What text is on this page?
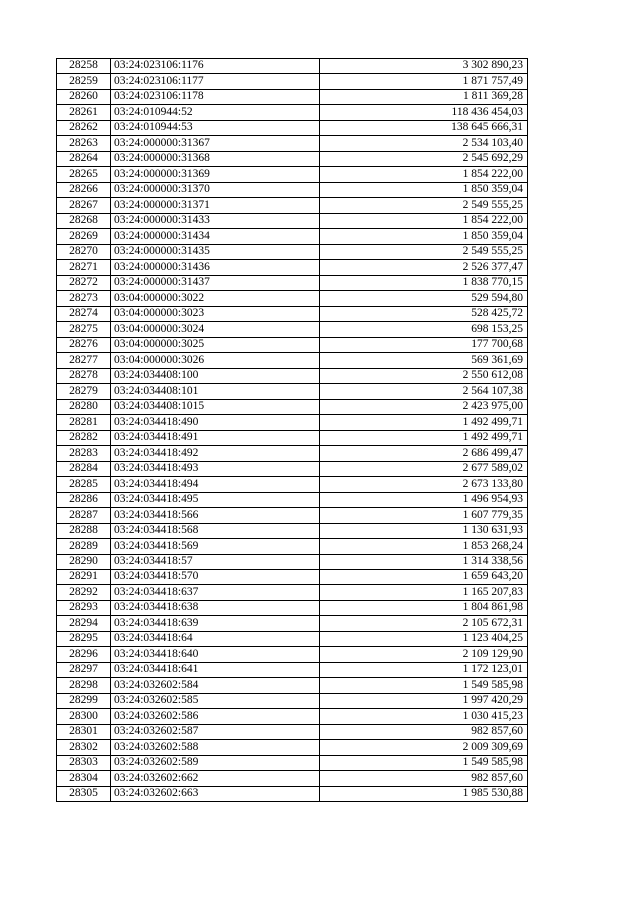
28258	03:24:023106:1176	3 302 890,23
28259	03:24:023106:1177	1 871 757,49
28260	03:24:023106:1178	1 811 369,28
28261	03:24:010944:52	118 436 454,03
28262	03:24:010944:53	138 645 666,31
28263	03:24:000000:31367	2 534 103,40
28264	03:24:000000:31368	2 545 692,29
28265	03:24:000000:31369	1 854 222,00
28266	03:24:000000:31370	1 850 359,04
28267	03:24:000000:31371	2 549 555,25
28268	03:24:000000:31433	1 854 222,00
28269	03:24:000000:31434	1 850 359,04
28270	03:24:000000:31435	2 549 555,25
28271	03:24:000000:31436	2 526 377,47
28272	03:24:000000:31437	1 838 770,15
28273	03:04:000000:3022	529 594,80
28274	03:04:000000:3023	528 425,72
28275	03:04:000000:3024	698 153,25
28276	03:04:000000:3025	177 700,68
28277	03:04:000000:3026	569 361,69
28278	03:24:034408:100	2 550 612,08
28279	03:24:034408:101	2 564 107,38
28280	03:24:034408:1015	2 423 975,00
28281	03:24:034418:490	1 492 499,71
28282	03:24:034418:491	1 492 499,71
28283	03:24:034418:492	2 686 499,47
28284	03:24:034418:493	2 677 589,02
28285	03:24:034418:494	2 673 133,80
28286	03:24:034418:495	1 496 954,93
28287	03:24:034418:566	1 607 779,35
28288	03:24:034418:568	1 130 631,93
28289	03:24:034418:569	1 853 268,24
28290	03:24:034418:57	1 314 338,56
28291	03:24:034418:570	1 659 643,20
28292	03:24:034418:637	1 165 207,83
28293	03:24:034418:638	1 804 861,98
28294	03:24:034418:639	2 105 672,31
28295	03:24:034418:64	1 123 404,25
28296	03:24:034418:640	2 109 129,90
28297	03:24:034418:641	1 172 123,01
28298	03:24:032602:584	1 549 585,98
28299	03:24:032602:585	1 997 420,29
28300	03:24:032602:586	1 030 415,23
28301	03:24:032602:587	982 857,60
28302	03:24:032602:588	2 009 309,69
28303	03:24:032602:589	1 549 585,98
28304	03:24:032602:662	982 857,60
28305	03:24:032602:663	1 985 530,88
